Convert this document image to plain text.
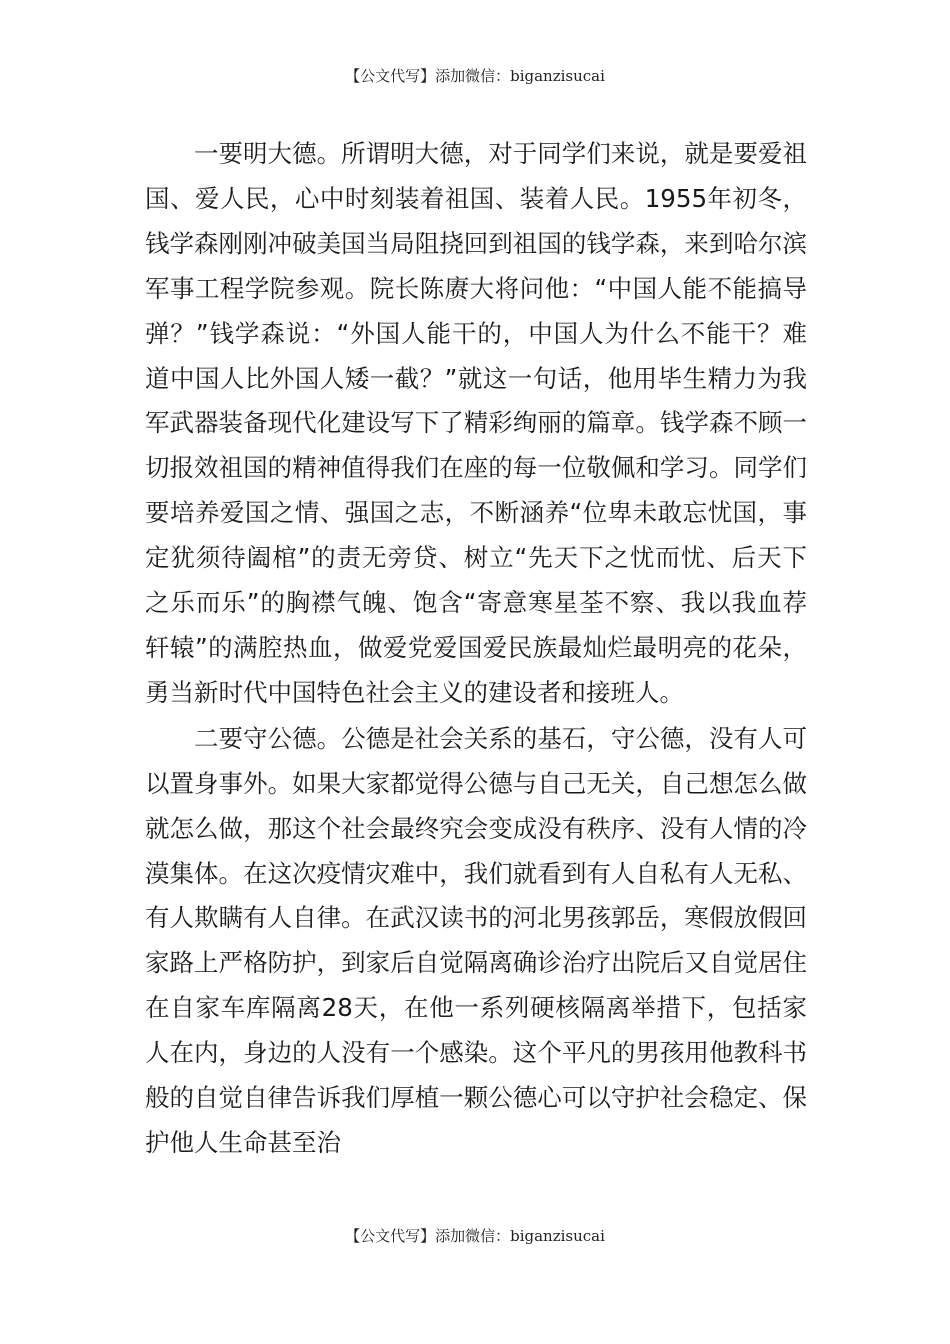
【公文代写】添加微信：biganzisucai

一要明大德。所谓明大德，对于同学们来说，就是要爱祖国、爱人民，心中时刻装着祖国、装着人民。1955年初冬，钱学森刚刚冲破美国当局阻挠回到祖国的钱学森，来到哈尔滨军事工程学院参观。院长陈赓大将问他：“中国人能不能搞导弹？”钱学森说：“外国人能干的，中国人为什么不能干？难道中国人比外国人矮一截？”就这一句话，他用毕生精力为我军武器装备现代化建设写下了精彩绚丽的篇章。钱学森不顾一切报效祖国的精神值得我们在座的每一位敬佩和学习。同学们要培养爱国之情、强国之志，不断涵养“位卑未敢忘忧国，事定犹须待阖棺”的责无旁贷、树立“先天下之忧而忧、后天下之乐而乐”的胸襟气魄、饱含“寄意寒星荃不察、我以我血荐轩辕”的满腔热血，做爱党爱国爱民族最灿烂最明亮的花朵，勇当新时代中国特色社会主义的建设者和接班人。

二要守公德。公德是社会关系的基石，守公德，没有人可以置身事外。如果大家都觉得公德与自己无关，自己想怎么做就怎么做，那这个社会最终究会变成没有秩序、没有人情的冷漠集体。在这次疫情灾难中，我们就看到有人自私有人无私、有人欺瞒有人自律。在武汉读书的河北男孩郭岳，寒假放假回家路上严格防护，到家后自觉隔离确诊治疗出院后又自觉居住在自家车库隔离28天，在他一系列硬核隔离举措下，包括家人在内，身边的人没有一个感染。这个平凡的男孩用他教科书般的自觉自律告诉我们厚植一颗公德心可以守护社会稳定、保护他人生命甚至治

【公文代写】添加微信：biganzisucai
